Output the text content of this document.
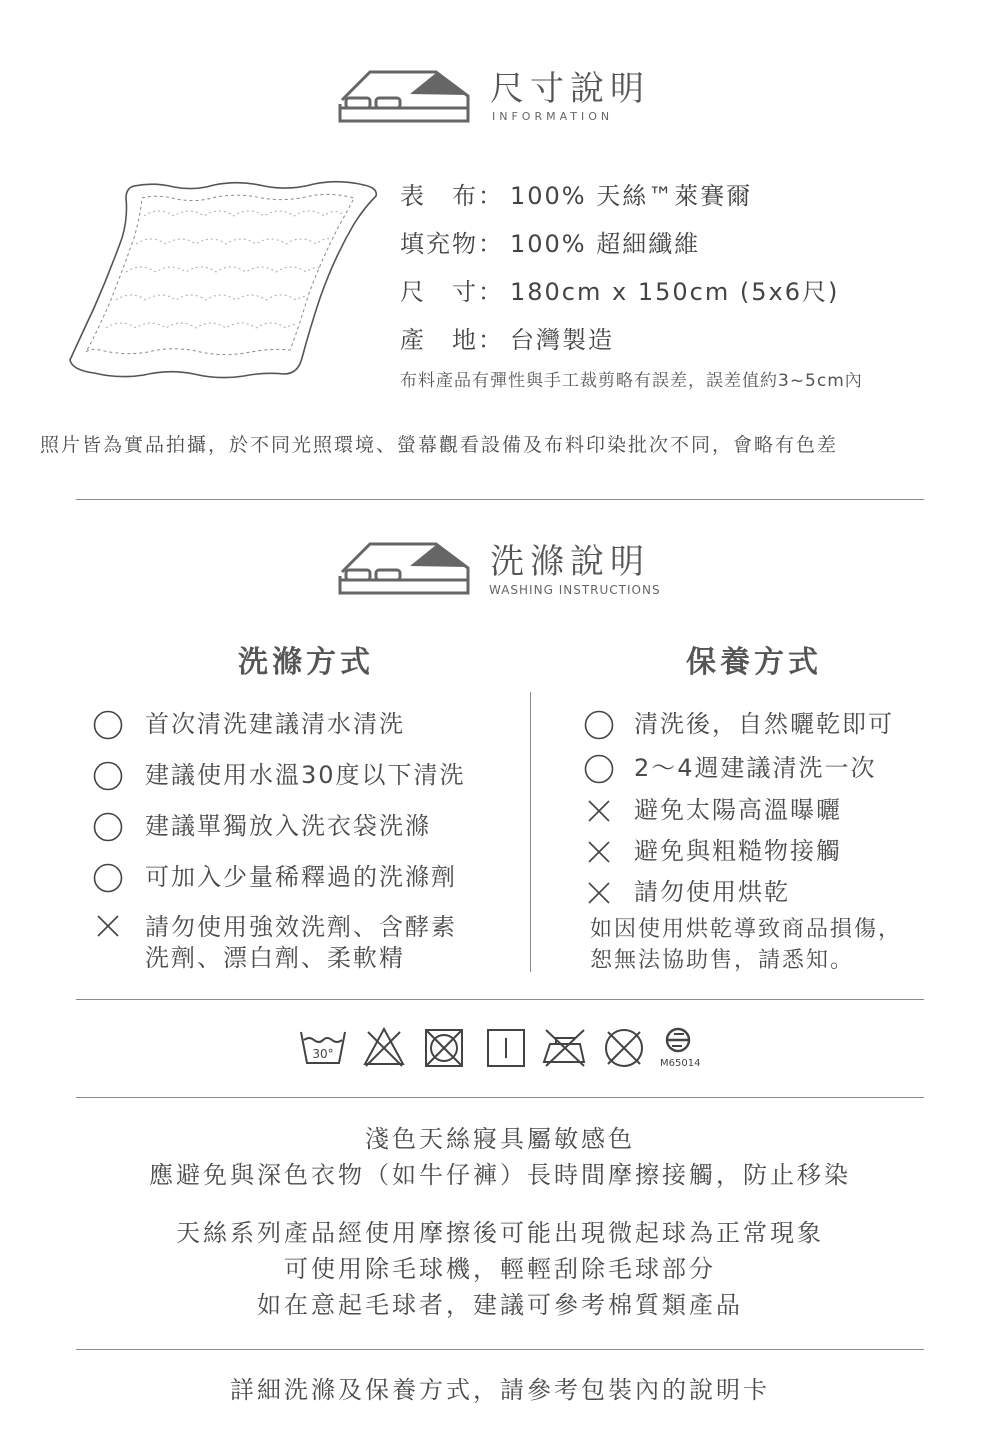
尺寸說明
INFORMATION
表　布： 100% 天絲™萊賽爾
填充物： 100% 超細纖維
尺　寸： 180cm x 150cm (5x6尺)
產　地： 台灣製造
布料產品有彈性與手工裁剪略有誤差，誤差值約3~5cm內
照片皆為實品拍攝，於不同光照環境、螢幕觀看設備及布料印染批次不同，會略有色差
洗滌說明
WASHING INSTRUCTIONS
洗滌方式	保養方式
首次清洗建議清水清洗
建議使用水溫30度以下清洗
建議單獨放入洗衣袋洗滌
可加入少量稀釋過的洗滌劑
請勿使用強效洗劑、含酵素
洗劑、漂白劑、柔軟精
清洗後，自然曬乾即可
2～4週建議清洗一次
避免太陽高溫曝曬
避免與粗糙物接觸
請勿使用烘乾
如因使用烘乾導致商品損傷，
恕無法協助售，請悉知。
30°
M65014
淺色天絲寢具屬敏感色
應避免與深色衣物（如牛仔褲）長時間摩擦接觸，防止移染
天絲系列產品經使用摩擦後可能出現微起球為正常現象
可使用除毛球機，輕輕刮除毛球部分
如在意起毛球者，建議可參考棉質類產品
詳細洗滌及保養方式，請參考包裝內的說明卡
